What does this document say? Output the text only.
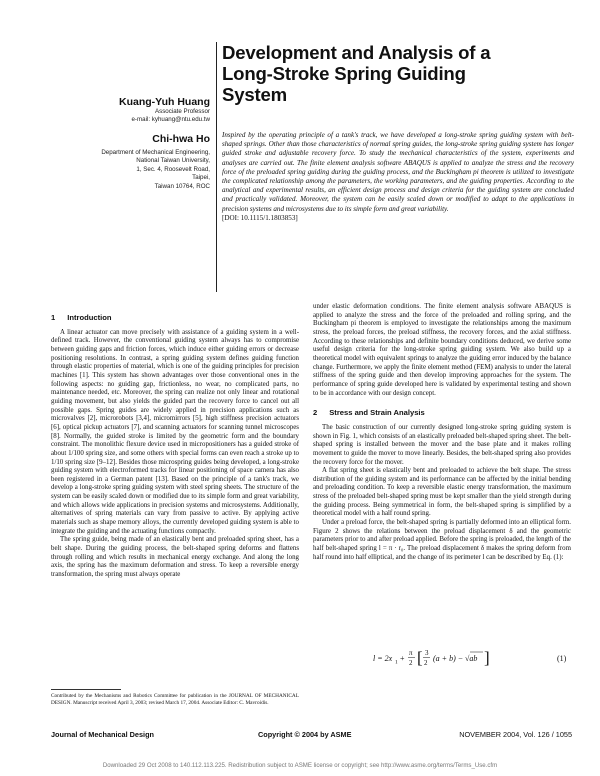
Development and Analysis of a
Long-Stroke Spring Guiding
System
Kuang-Yuh Huang
Associate Professor
e-mail: kyhuang@ntu.edu.tw
Chi-hwa Ho
Department of Mechanical Engineering,
National Taiwan University,
1, Sec. 4, Roosevelt Road,
Taipei,
Taiwan 10764, ROC

Inspired by the operating principle of a tank's track, we have developed a long-stroke spring guiding system with belt-shaped springs. Other than those characteristics of normal spring guides, the long-stroke spring guiding system has longer guided stroke and adjustable recovery force. To study the mechanical characteristics of the system, experiments and analyses are carried out. The finite element analysis software ABAQUS is applied to analyze the stress and the recovery force of the preloaded spring guiding during the guiding process, and the Buckingham pi theorem is utilized to investigate the complicated relationship among the parameters, the working parameters, and the guiding properties. According to the analytical and experimental results, an efficient design process and design criteria for the guiding system are concluded and practically validated. Moreover, the system can be easily scaled down or modified to adapt to the applications in precision systems and microsystems due to its simple form and great variability.

[DOI: 10.1115/1.1803853]

1 Introduction

A linear actuator can move precisely with assistance of a guiding system in a well-defined track. However, the conventional guiding system always has to compromise between guiding gaps and friction forces, which induce either guiding errors or decrease positioning resolutions. In contrast, a spring guiding system defines guiding function through elastic properties of material, which is one of the guiding principles for precision machines [1]. This system has shown advantages over those conventional ones in the following aspects: no guiding gap, frictionless, no wear, no complicated parts, no maintenance needed, etc. Moreover, the spring can realize not only linear and rotational guiding movement, but also yields the guided part the recovery force to cancel out all possible gaps. Spring guides are widely applied in precision applications such as microvalves [2], microrobots [3,4], micromirrors [5], high stiffness precision actuators [6], optical pickup actuators [7], and scanning actuators for scanning tunnel microscopes [8]. Normally, the guided stroke is limited by the geometric form and the boundary constraint. The monolithic flexure device used in micropositioners has a guided stroke of about 1/100 spring size, and some others with special forms can even reach a stroke up to 1/10 spring size [9–12]. Besides those microspring guides being developed, a long-stroke guiding system with electroformed tracks for linear positioning of space camera has also been registered in a German patent [13]. Based on the principle of a tank's track, we develop a long-stroke spring guiding system with steel spring sheets. The structure of the system can be easily scaled down or modified due to its simple form and great variability, and which allows wide applications in precision systems and microsystems. Additionally, alternatives of spring materials can vary from passive to active. By applying active materials such as shape memory alloys, the currently developed guiding system is able to integrate the guiding and the actuating functions compactly.

The spring guide, being made of an elastically bent and preloaded spring sheet, has a belt shape. During the guiding process, the belt-shaped spring deforms and flattens through rolling and which results in mechanical energy exchange. And along the long axis, the spring has the maximum deformation and stress. To keep a reversible energy transformation, the spring must always operate

Contributed by the Mechanisms and Robotics Committee for publication in the JOURNAL OF MECHANICAL DESIGN. Manuscript received April 3, 2003; revised March 17, 2004. Associate Editor: C. Mavroidis.

under elastic deformation conditions. The finite element analysis software ABAQUS is applied to analyze the stress and the force of the preloaded and rolling spring, and the Buckingham pi theorem is employed to investigate the relationships among the maximum stress, the preload forces, the preload stiffness, the recovery forces, and the axial stiffness. According to these relationships and definite boundary conditions deduced, we derive some useful design criteria for the long-stroke spring guiding system. We also build up a theoretical model with equivalent springs to analyze the guiding error induced by the balance change. Furthermore, we apply the finite element method (FEM) analysis to under the lateral stiffness of the spring guide and then develop improving approaches for the system. The performance of spring guide developed here is validated by experimental testing and shown to be in accordance with our design concept.

2 Stress and Strain Analysis

The basic construction of our currently designed long-stroke spring guiding system is shown in Fig. 1, which consists of an elastically preloaded belt-shaped spring sheet. The belt-shaped spring is installed between the mover and the base plate and it makes rolling movement to guide the mover to move linearly. Besides, the belt-shaped spring also provides the recovery force for the mover.

A flat spring sheet is elastically bent and preloaded to achieve the belt shape. The stress distribution of the guiding system and its performance can be affected by the initial bending and preloading condition. To keep a reversible elastic energy transformation, the maximum stress of the preloaded belt-shaped spring must be kept smaller than the yield strength during the guiding process. Being symmetrical in form, the belt-shaped spring is simplified by a theoretical model with a half round spring.

Under a preload force, the belt-shaped spring is partially deformed into an elliptical form. Figure 2 shows the relations between the preload displacement δ and the geometric parameters prior to and after preload applied. Before the spring is preloaded, the length of the half belt-shaped spring l = π · r₀. The preload displacement δ makes the spring deform from half round into half elliptical, and the change of its perimeter l can be described by Eq. (1):

l = 2x 1 +
π
2 [ 3
2 (a + b) − √ab ]	(1)
Journal of Mechanical Design	Copyright © 2004 by ASME	NOVEMBER 2004, Vol. 126 / 1055
Downloaded 29 Oct 2008 to 140.112.113.225. Redistribution subject to ASME license or copyright; see http://www.asme.org/terms/Terms_Use.cfm
